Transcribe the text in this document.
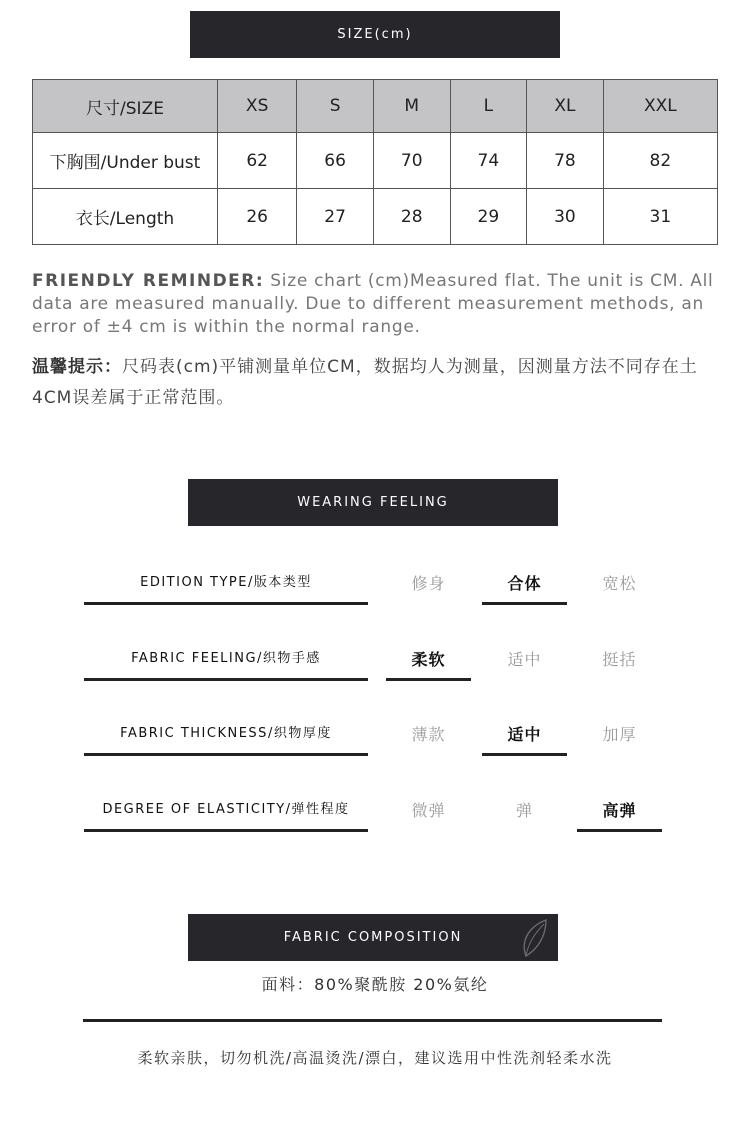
SIZE(cm)
尺寸/SIZE	XS	S	M	L	XL	XXL
下胸围/Under bust	62	66	70	74	78	82
衣长/Length	26	27	28	29	30	31
FRIENDLY REMINDER: Size chart (cm)Measured flat. The unit is CM. All data are measured manually. Due to different measurement methods, an error of ±4 cm is within the normal range.
温馨提示：尺码表(cm)平铺测量单位CM，数据均人为测量，因测量方法不同存在土4CM误差属于正常范围。
WEARING FEELING
EDITION TYPE/版本类型	修身	合体	宽松
FABRIC FEELING/织物手感	柔软	适中	挺括
FABRIC THICKNESS/织物厚度	薄款	适中	加厚
DEGREE OF ELASTICITY/弹性程度	微弹	弹	高弹
FABRIC COMPOSITION
面料：80%聚酰胺 20%氨纶
柔软亲肤，切勿机洗/高温烫洗/漂白，建议选用中性洗剂轻柔水洗
